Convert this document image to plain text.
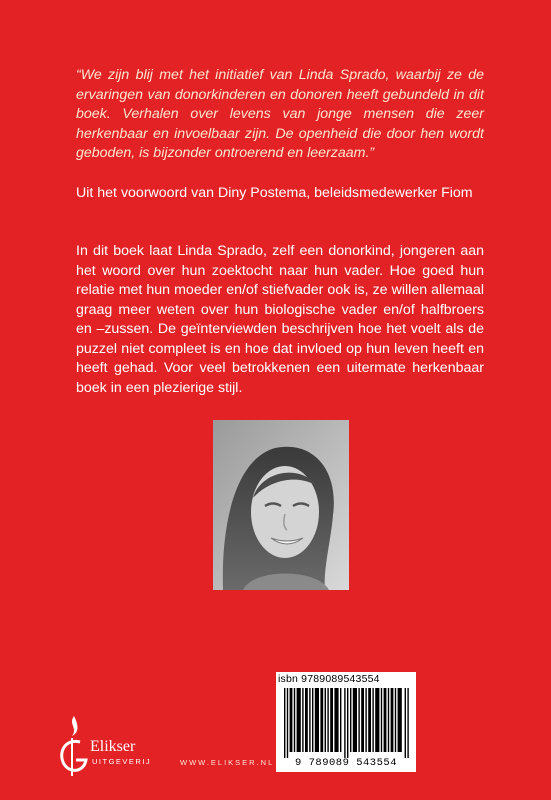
“We zijn blij met het initiatief van Linda Sprado, waarbij ze de ervaringen van donorkinderen en donoren heeft gebundeld in dit boek. Verhalen over levens van jonge mensen die zeer herkenbaar en invoelbaar zijn. De openheid die door hen wordt geboden, is bijzonder ontroerend en leerzaam.”

Uit het voorwoord van Diny Postema, beleidsmedewerker Fiom

In dit boek laat Linda Sprado, zelf een donorkind, jongeren aan het woord over hun zoektocht naar hun vader. Hoe goed hun relatie met hun moeder en/of stiefvader ook is, ze willen allemaal graag meer weten over hun biologische vader en/of halfbroers en –zussen. De geïnterviewden beschrijven hoe het voelt als de puzzel niet compleet is en hoe dat invloed op hun leven heeft en heeft gehad. Voor veel betrokkenen een uitermate herkenbaar boek in een plezierige stijl.

isbn 9789089543554
9 789089 543554
Elikser
UITGEVERIJ	WWW.ELIKSER.NL
